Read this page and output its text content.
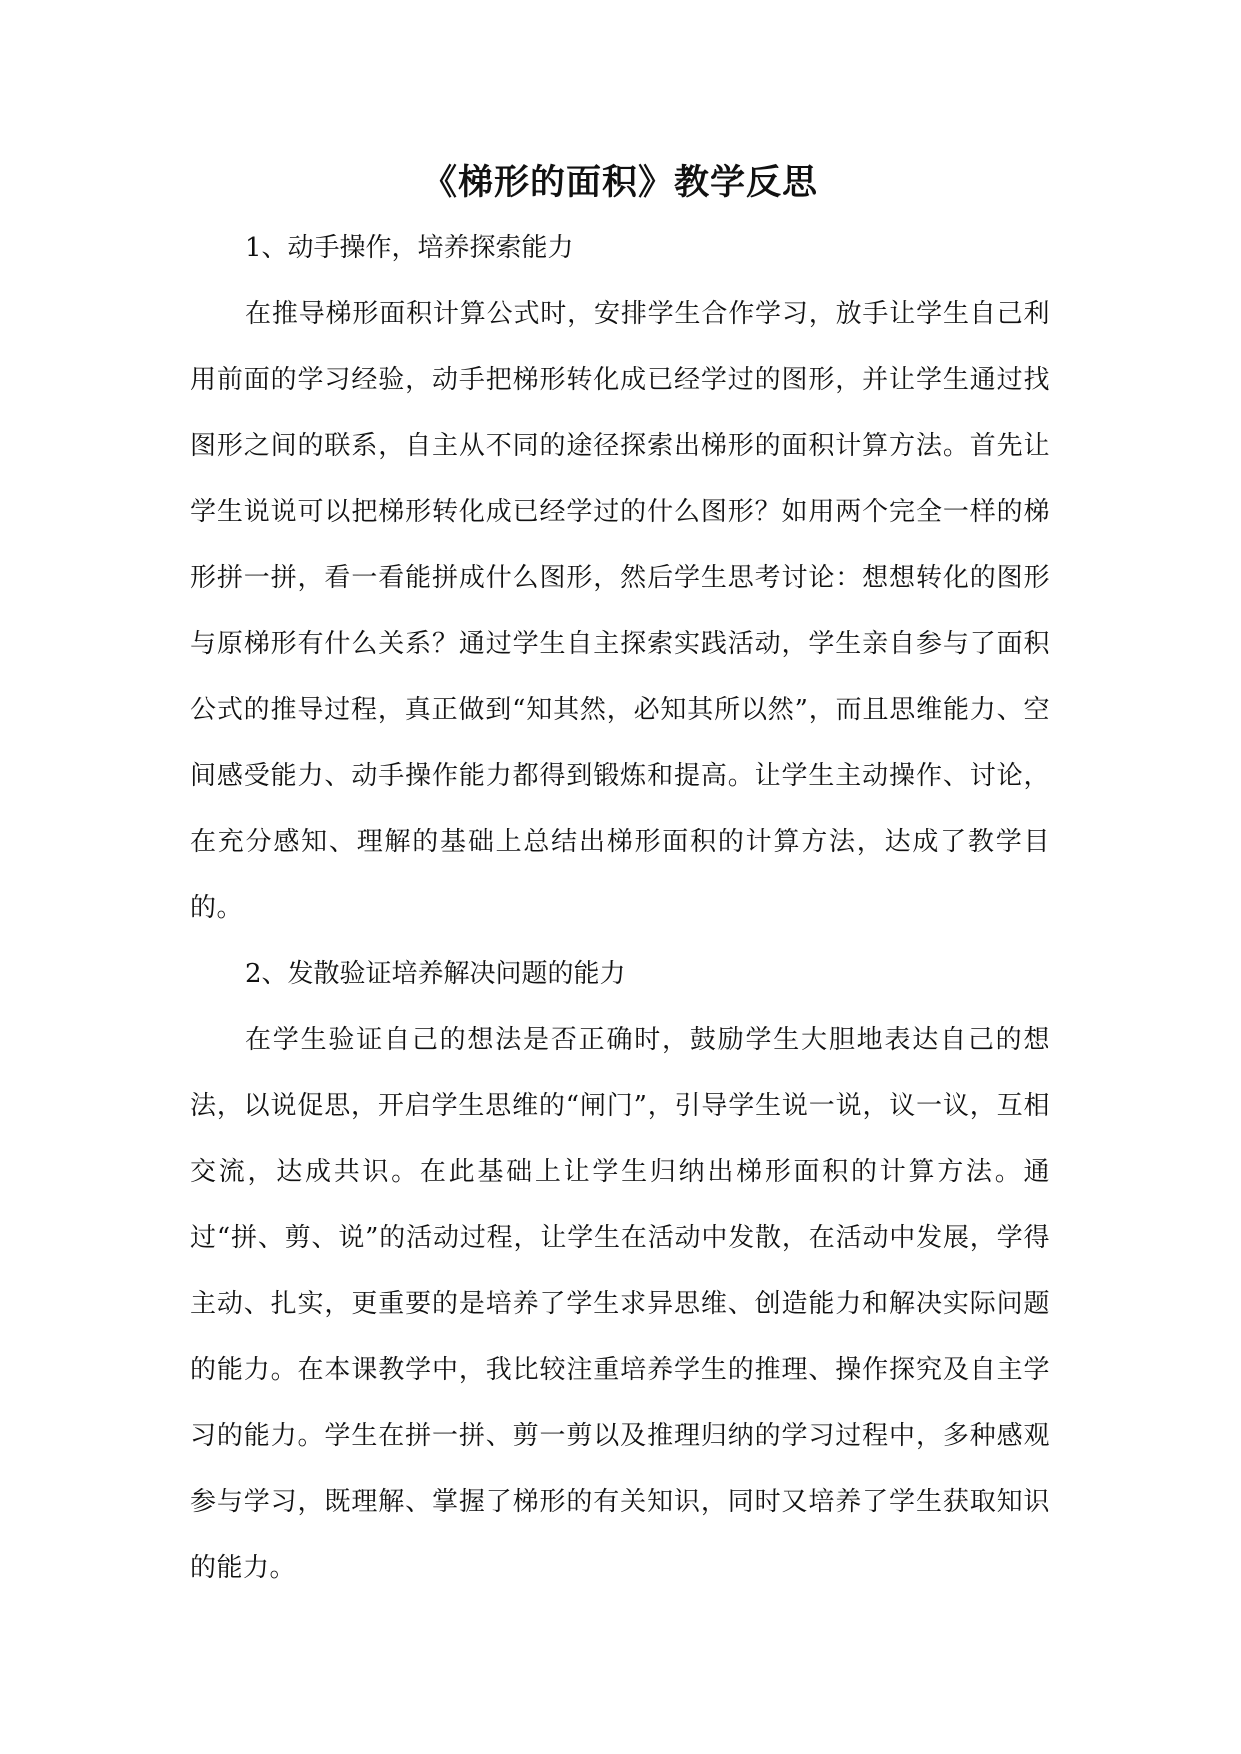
《梯形的面积》教学反思
1、动手操作，培养探索能力

在推导梯形面积计算公式时，安排学生合作学习，放手让学生自己利用前面的学习经验，动手把梯形转化成已经学过的图形，并让学生通过找图形之间的联系，自主从不同的途径探索出梯形的面积计算方法。首先让学生说说可以把梯形转化成已经学过的什么图形？如用两个完全一样的梯形拼一拼，看一看能拼成什么图形，然后学生思考讨论：想想转化的图形与原梯形有什么关系？通过学生自主探索实践活动，学生亲自参与了面积公式的推导过程，真正做到“知其然，必知其所以然”，而且思维能力、空间感受能力、动手操作能力都得到锻炼和提高。让学生主动操作、讨论，在充分感知、理解的基础上总结出梯形面积的计算方法，达成了教学目的。

2、发散验证培养解决问题的能力

在学生验证自己的想法是否正确时，鼓励学生大胆地表达自己的想法，以说促思，开启学生思维的“闸门”，引导学生说一说，议一议，互相交流，达成共识。在此基础上让学生归纳出梯形面积的计算方法。通过“拼、剪、说”的活动过程，让学生在活动中发散，在活动中发展，学得主动、扎实，更重要的是培养了学生求异思维、创造能力和解决实际问题的能力。在本课教学中，我比较注重培养学生的推理、操作探究及自主学习的能力。学生在拼一拼、剪一剪以及推理归纳的学习过程中，多种感观参与学习，既理解、掌握了梯形的有关知识，同时又培养了学生获取知识的能力。
